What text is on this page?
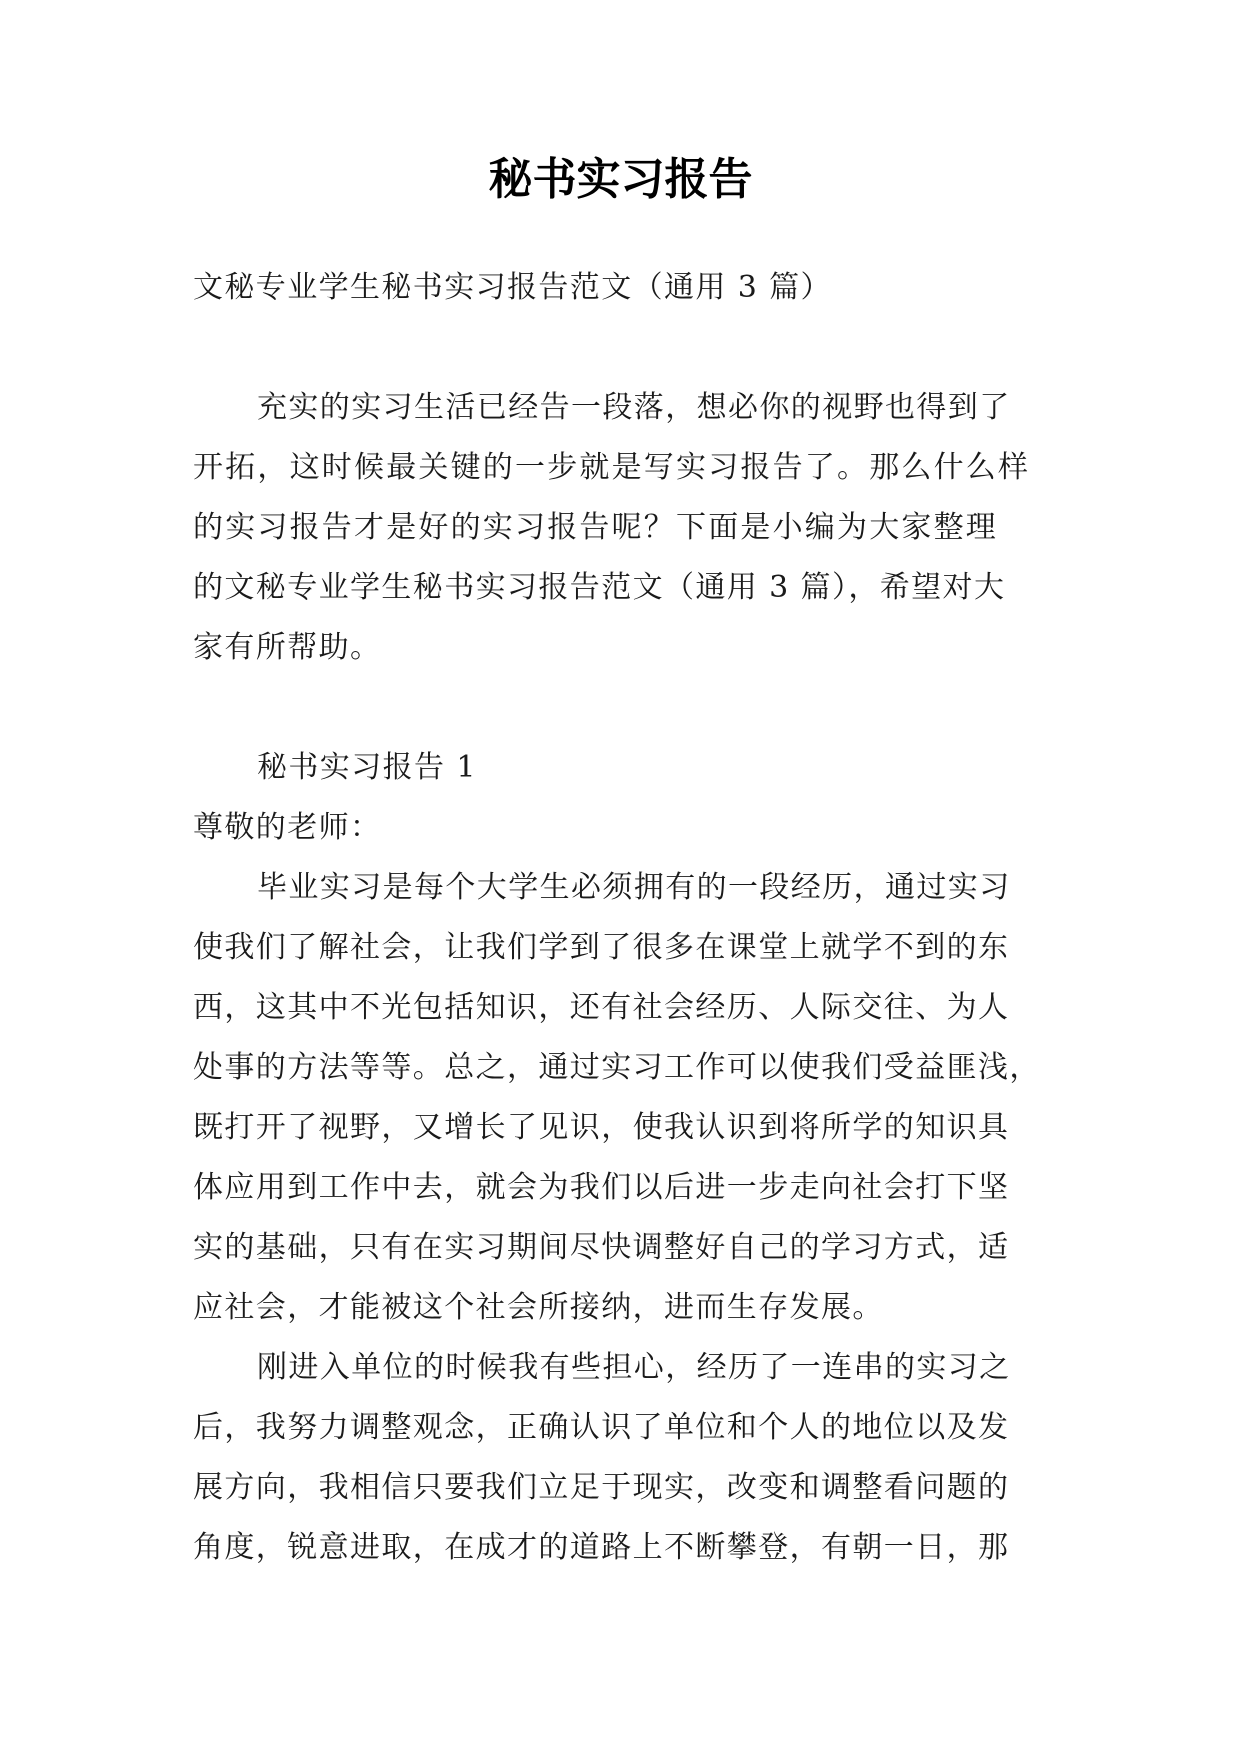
秘书实习报告

文秘专业学生秘书实习报告范文（通用 3 篇）

充实的实习生活已经告一段落，想必你的视野也得到了

开拓，这时候最关键的一步就是写实习报告了。那么什么样

的实习报告才是好的实习报告呢？下面是小编为大家整理

的文秘专业学生秘书实习报告范文（通用 3 篇），希望对大

家有所帮助。

秘书实习报告 1

尊敬的老师：

毕业实习是每个大学生必须拥有的一段经历，通过实习

使我们了解社会，让我们学到了很多在课堂上就学不到的东

西，这其中不光包括知识，还有社会经历、人际交往、为人

处事的方法等等。总之，通过实习工作可以使我们受益匪浅，

既打开了视野，又增长了见识，使我认识到将所学的知识具

体应用到工作中去，就会为我们以后进一步走向社会打下坚

实的基础，只有在实习期间尽快调整好自己的学习方式，适

应社会，才能被这个社会所接纳，进而生存发展。

刚进入单位的时候我有些担心，经历了一连串的实习之

后，我努力调整观念，正确认识了单位和个人的地位以及发

展方向，我相信只要我们立足于现实，改变和调整看问题的

角度，锐意进取，在成才的道路上不断攀登，有朝一日，那
